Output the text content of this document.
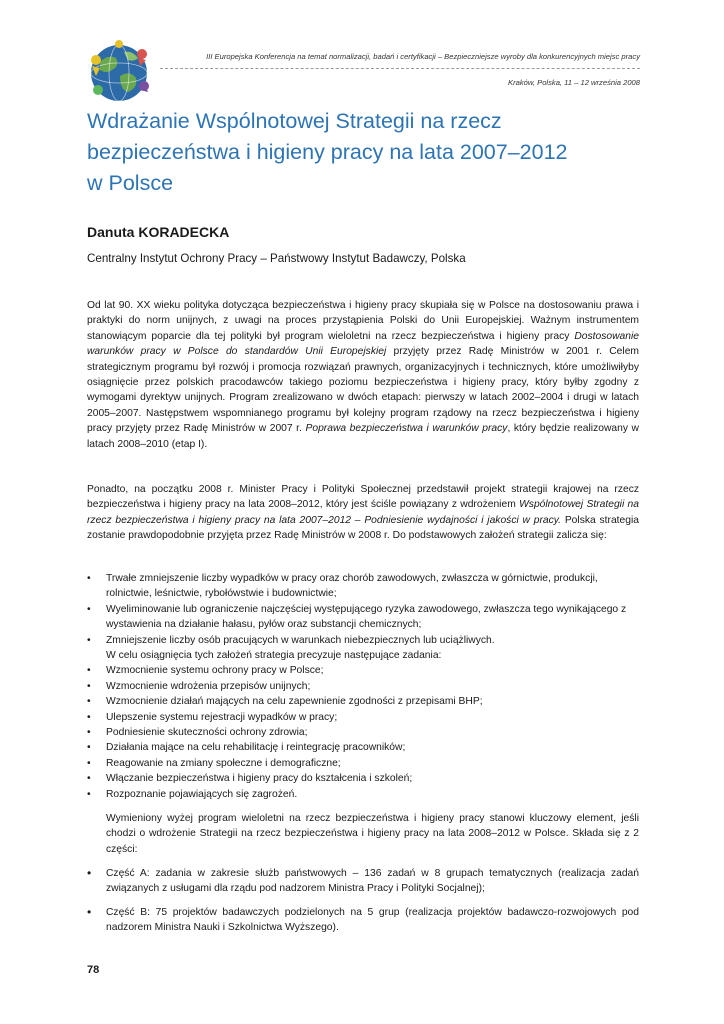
III Europejska Konferencja na temat normalizacji, badań i certyfikacji – Bezpieczniejsze wyroby dla konkurencyjnych miejsc pracy
Kraków, Polska, 11 – 12 września 2008
Wdrażanie Wspólnotowej Strategii na rzecz
bezpieczeństwa i higieny pracy na lata 2007–2012
w Polsce
Danuta KORADECKA
Centralny Instytut Ochrony Pracy – Państwowy Instytut Badawczy, Polska
Od lat 90. XX wieku polityka dotycząca bezpieczeństwa i higieny pracy skupiała się w Polsce na dostosowaniu prawa i praktyki do norm unijnych, z uwagi na proces przystąpienia Polski do Unii Europejskiej. Ważnym instrumentem stanowiącym poparcie dla tej polityki był program wieloletni na rzecz bezpieczeństwa i higieny pracy Dostosowanie warunków pracy w Polsce do standardów Unii Europejskiej przyjęty przez Radę Ministrów w 2001 r. Celem strategicznym programu był rozwój i promocja rozwiązań prawnych, organizacyjnych i technicznych, które umożliwiłyby osiągnięcie przez polskich pracodawców takiego poziomu bezpieczeństwa i higieny pracy, który byłby zgodny z wymogami dyrektyw unijnych. Program zrealizowano w dwóch etapach: pierwszy w latach 2002–2004 i drugi w latach 2005–2007. Następstwem wspomnianego programu był kolejny program rządowy na rzecz bezpieczeństwa i higieny pracy przyjęty przez Radę Ministrów w 2007 r. Poprawa bezpieczeństwa i warunków pracy, który będzie realizowany w latach 2008–2010 (etap I).
Ponadto, na początku 2008 r. Minister Pracy i Polityki Społecznej przedstawił projekt strategii krajowej na rzecz bezpieczeństwa i higieny pracy na lata 2008–2012, który jest ściśle powiązany z wdrożeniem Wspólnotowej Strategii na rzecz bezpieczeństwa i higieny pracy na lata 2007–2012 – Podniesienie wydajności i jakości w pracy. Polska strategia zostanie prawdopodobnie przyjęta przez Radę Ministrów w 2008 r. Do podstawowych założeń strategii zalicza się:
• Trwałe zmniejszenie liczby wypadków w pracy oraz chorób zawodowych, zwłaszcza w górnictwie, produkcji, rolnictwie, leśnictwie, rybołówstwie i budownictwie;
• Wyeliminowanie lub ograniczenie najczęściej występującego ryzyka zawodowego, zwłaszcza tego wynikającego z wystawienia na działanie hałasu, pyłów oraz substancji chemicznych;
• Zmniejszenie liczby osób pracujących w warunkach niebezpiecznych lub uciążliwych.
W celu osiągnięcia tych założeń strategia precyzuje następujące zadania:
• Wzmocnienie systemu ochrony pracy w Polsce;
• Wzmocnienie wdrożenia przepisów unijnych;
• Wzmocnienie działań mających na celu zapewnienie zgodności z przepisami BHP;
• Ulepszenie systemu rejestracji wypadków w pracy;
• Podniesienie skuteczności ochrony zdrowia;
• Działania mające na celu rehabilitację i reintegrację pracowników;
• Reagowanie na zmiany społeczne i demograficzne;
• Włączanie bezpieczeństwa i higieny pracy do kształcenia i szkoleń;
• Rozpoznanie pojawiających się zagrożeń.
Wymieniony wyżej program wieloletni na rzecz bezpieczeństwa i higieny pracy stanowi kluczowy element, jeśli chodzi o wdrożenie Strategii na rzecz bezpieczeństwa i higieny pracy na lata 2008–2012 w Polsce. Składa się z 2 części:
• Część A: zadania w zakresie służb państwowych – 136 zadań w 8 grupach tematycznych (realizacja zadań związanych z usługami dla rządu pod nadzorem Ministra Pracy i Polityki Socjalnej);
• Część B: 75 projektów badawczych podzielonych na 5 grup (realizacja projektów badawczo-rozwojowych pod nadzorem Ministra Nauki i Szkolnictwa Wyższego).
78
